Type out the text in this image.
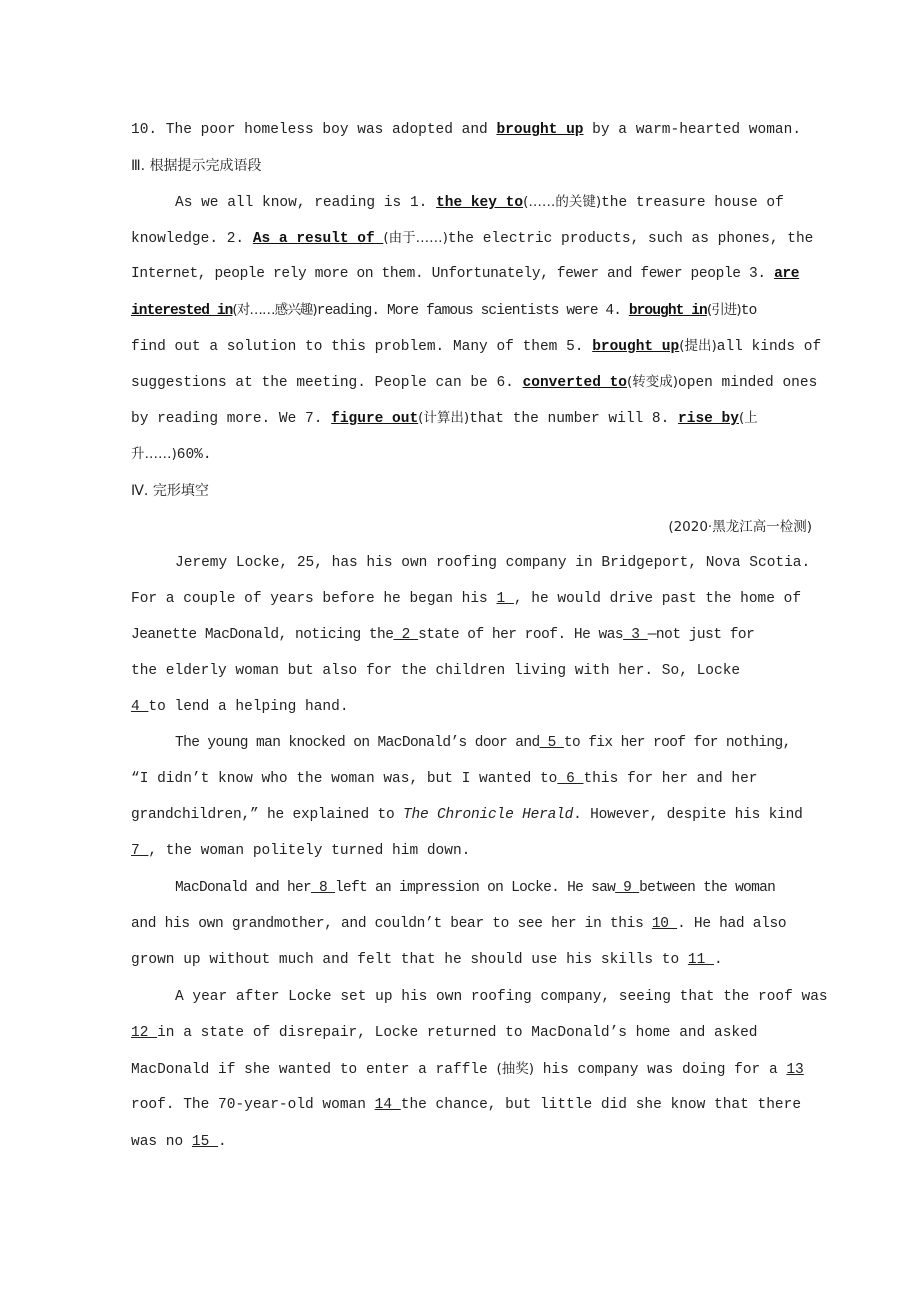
10. The poor homeless boy was adopted and brought up by a warm-hearted woman.
Ⅲ. 根据提示完成语段
As we all know, reading is 1. the key to(……的关键)the treasure house of
knowledge. 2. As a result of (由于……)the electric products, such as phones, the
Internet, people rely more on them. Unfortunately, fewer and fewer people 3. are
interested in(对……感兴趣)reading. More famous scientists were 4. brought in(引进)to
find out a solution to this problem. Many of them 5. brought up(提出)all kinds of
suggestions at the meeting. People can be 6. converted to(转变成)open minded ones
by reading more. We 7. figure out(计算出)that the number will 8. rise by(上
升……)60%.
Ⅳ. 完形填空
(2020·黑龙江高一检测)
Jeremy Locke, 25, has his own roofing company in Bridgeport, Nova Scotia.
For a couple of years before he began his 1 , he would drive past the home of
Jeanette MacDonald, noticing the 2 state of her roof. He was 3 —not just for
the elderly woman but also for the children living with her. So, Locke
4 to lend a helping hand.
The young man knocked on MacDonald’s door and 5 to fix her roof for nothing,
“I didn’t know who the woman was, but I wanted to 6 this for her and her
grandchildren,” he explained to The Chronicle Herald. However, despite his kind
7 , the woman politely turned him down.
MacDonald and her 8 left an impression on Locke. He saw 9 between the woman
and his own grandmother, and couldn’t bear to see her in this 10 . He had also
grown up without much and felt that he should use his skills to 11 .
A year after Locke set up his own roofing company, seeing that the roof was
12 in a state of disrepair, Locke returned to MacDonald’s home and asked
MacDonald if she wanted to enter a raffle (抽奖) his company was doing for a 13
roof. The 70-year-old woman 14 the chance, but little did she know that there
was no 15 .
